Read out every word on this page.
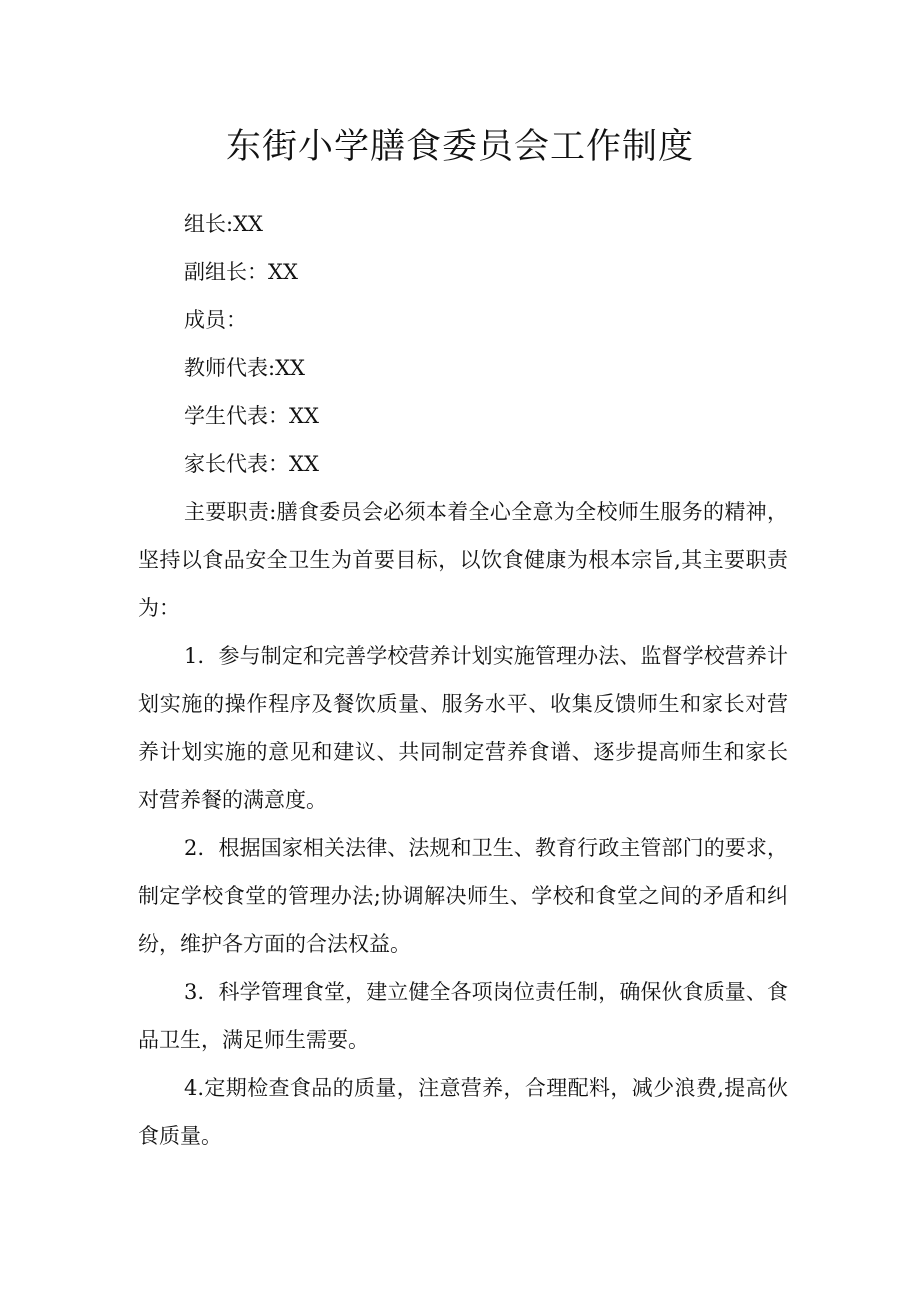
东街小学膳食委员会工作制度

组长:XX

副组长：XX

成员：

教师代表:XX

学生代表：XX

家长代表：XX

主要职责:膳食委员会必须本着全心全意为全校师生服务的精神，坚持以食品安全卫生为首要目标，以饮食健康为根本宗旨,其主要职责为：

1．参与制定和完善学校营养计划实施管理办法、监督学校营养计划实施的操作程序及餐饮质量、服务水平、收集反馈师生和家长对营养计划实施的意见和建议、共同制定营养食谱、逐步提高师生和家长对营养餐的满意度。

2．根据国家相关法律、法规和卫生、教育行政主管部门的要求，制定学校食堂的管理办法;协调解决师生、学校和食堂之间的矛盾和纠纷，维护各方面的合法权益。

3．科学管理食堂，建立健全各项岗位责任制，确保伙食质量、食品卫生，满足师生需要。

4.定期检查食品的质量，注意营养，合理配料，减少浪费,提高伙食质量。
